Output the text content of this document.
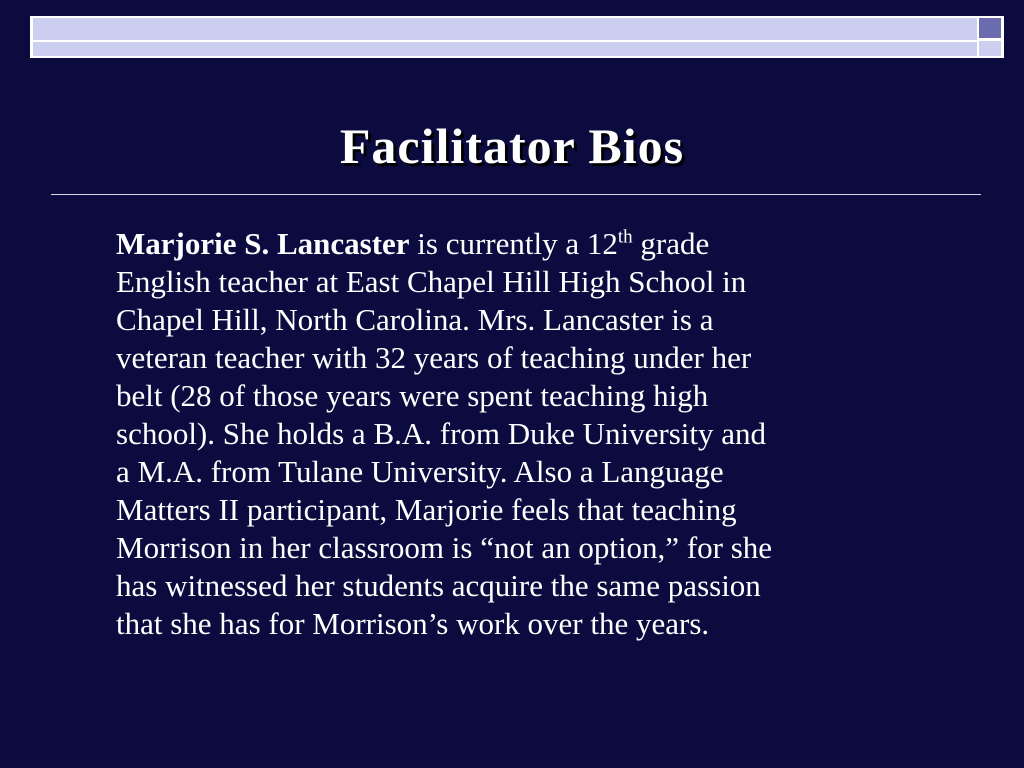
Facilitator Bios

Marjorie S. Lancaster is currently a 12th grade
English teacher at East Chapel Hill High School in
Chapel Hill, North Carolina. Mrs. Lancaster is a
veteran teacher with 32 years of teaching under her
belt (28 of those years were spent teaching high
school). She holds a B.A. from Duke University and
a M.A. from Tulane University. Also a Language
Matters II participant, Marjorie feels that teaching
Morrison in her classroom is “not an option,” for she
has witnessed her students acquire the same passion
that she has for Morrison’s work over the years.
